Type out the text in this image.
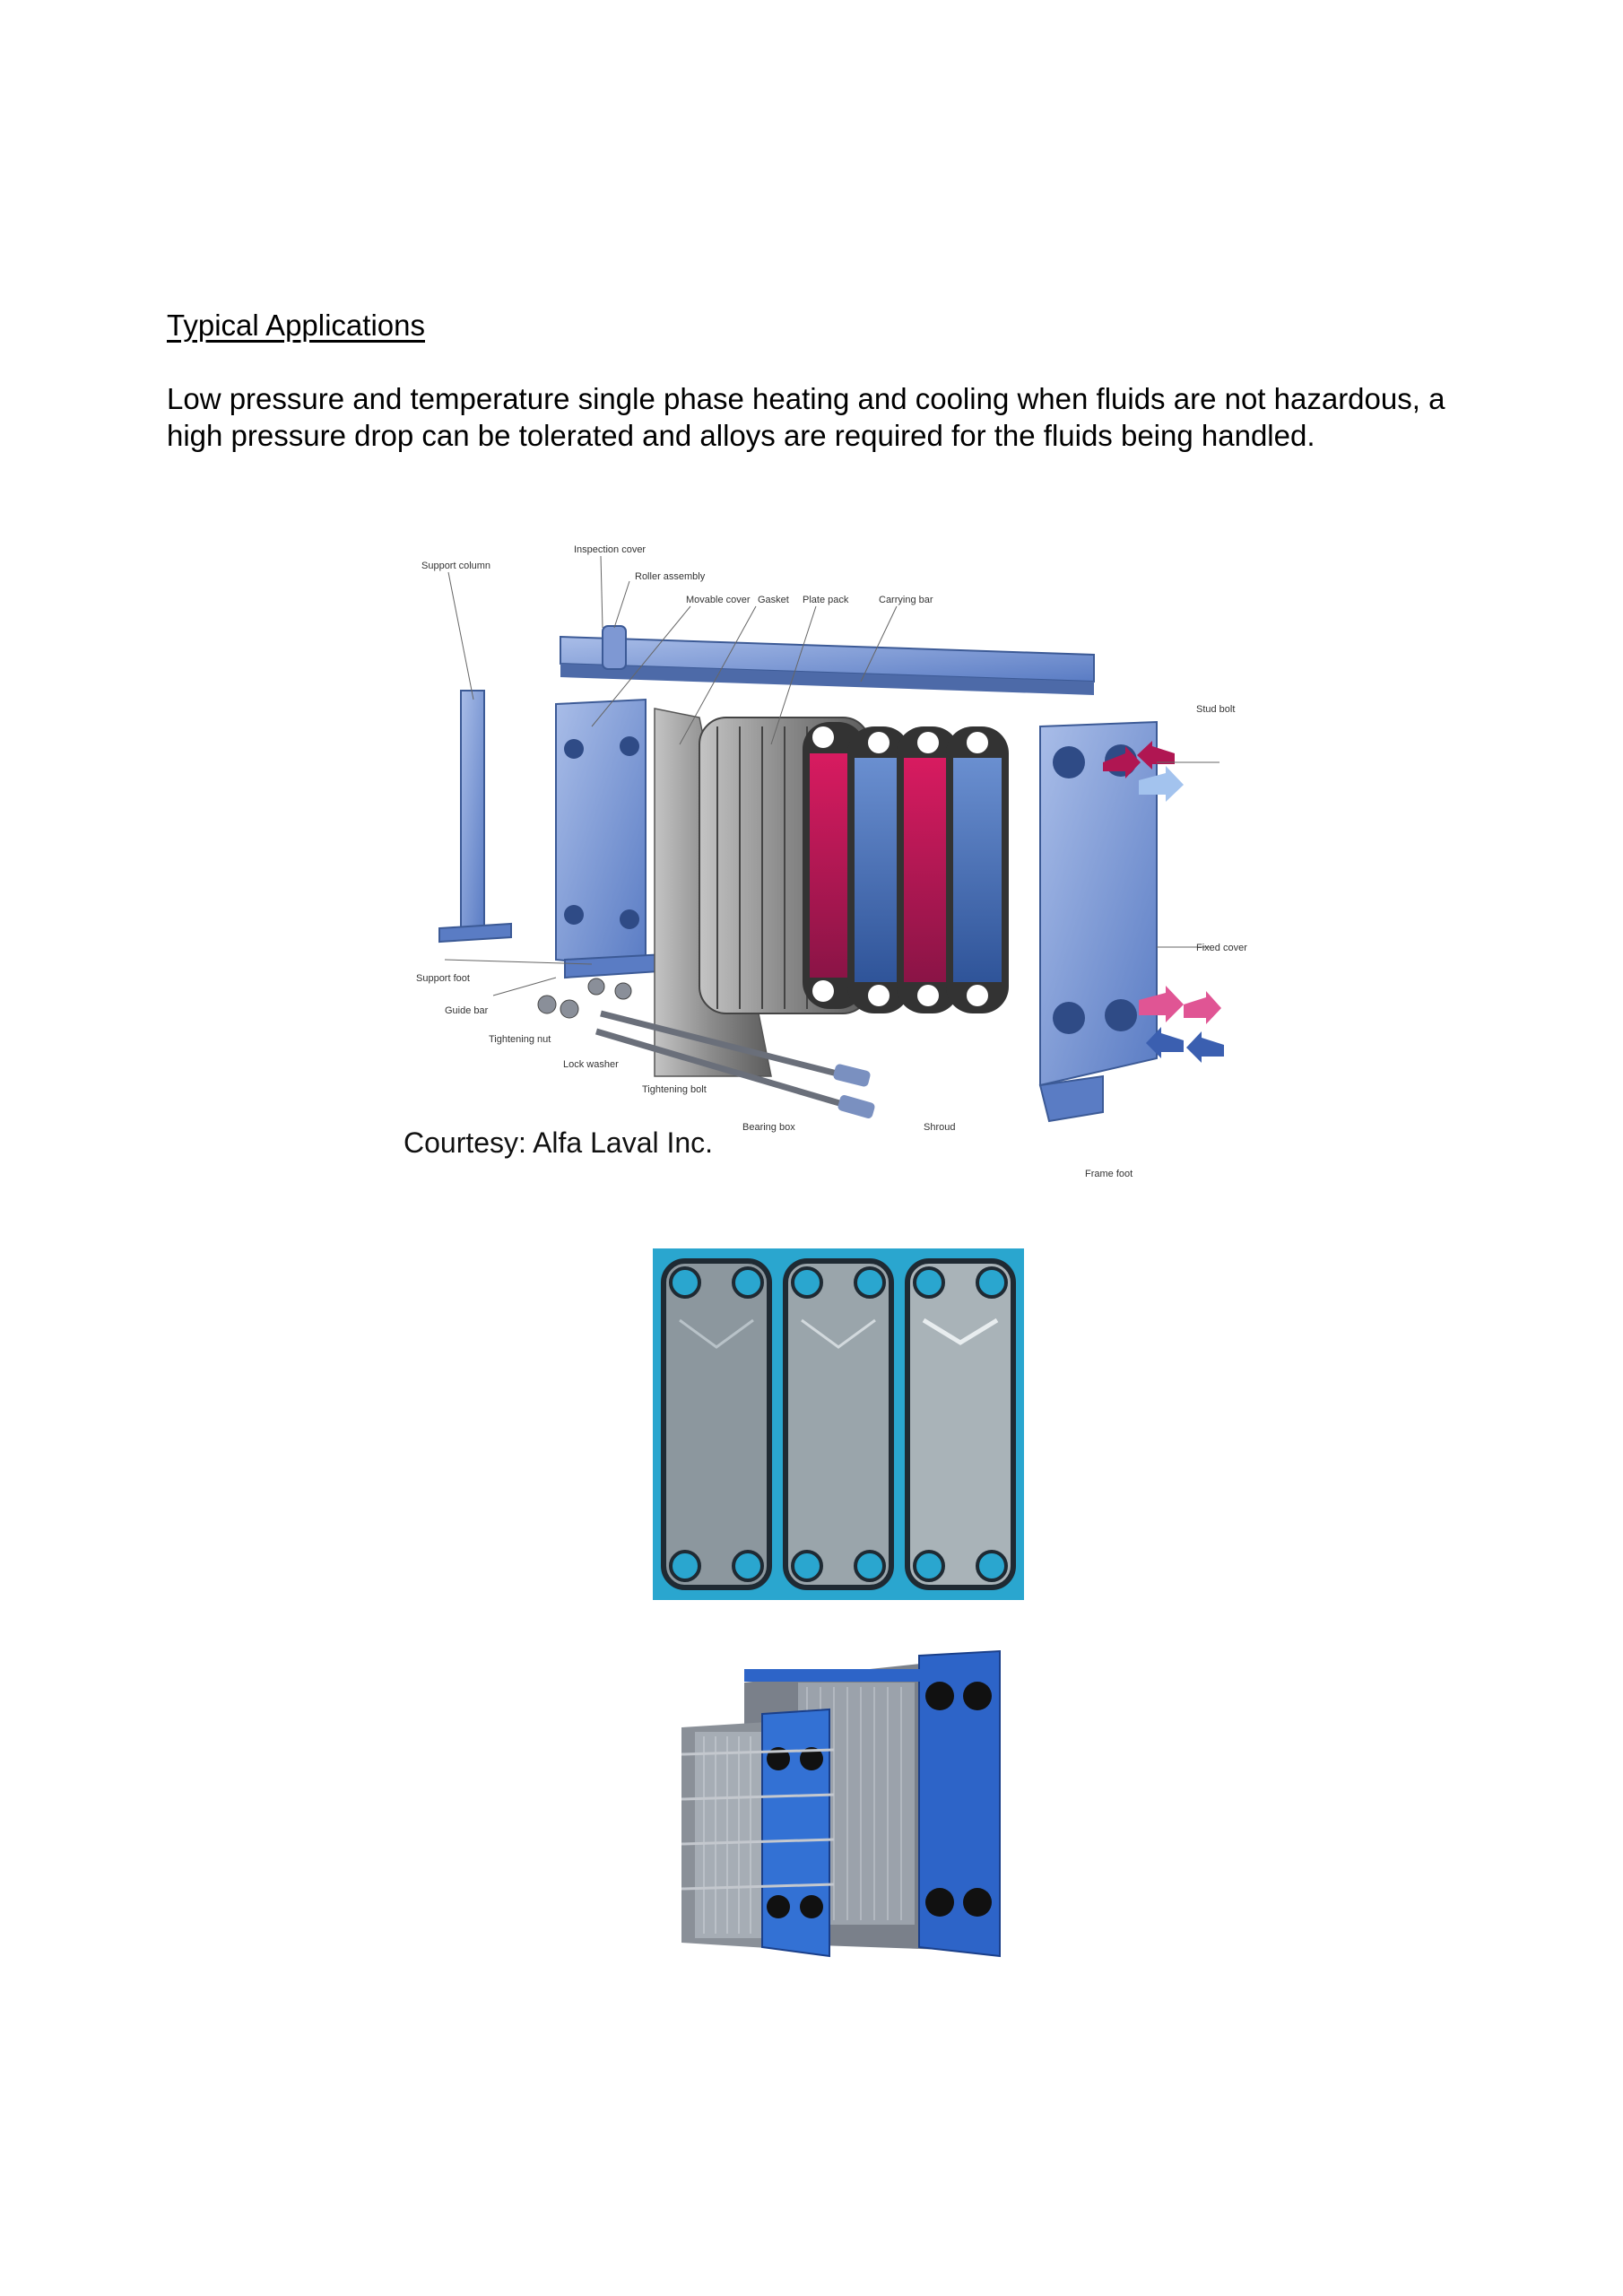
Typical Applications
Low pressure and temperature single phase heating and cooling when fluids are not hazardous, a high pressure drop can be tolerated and alloys are required for the fluids being handled.
Support column
Inspection cover
Roller assembly
Movable cover Gasket Plate pack	Carrying bar
Stud bolt
Fixed cover
Support foot
Guide bar
Tightening nut
Lock washer
Tightening bolt
Bearing box	Shroud
Frame foot
Courtesy: Alfa Laval Inc.
